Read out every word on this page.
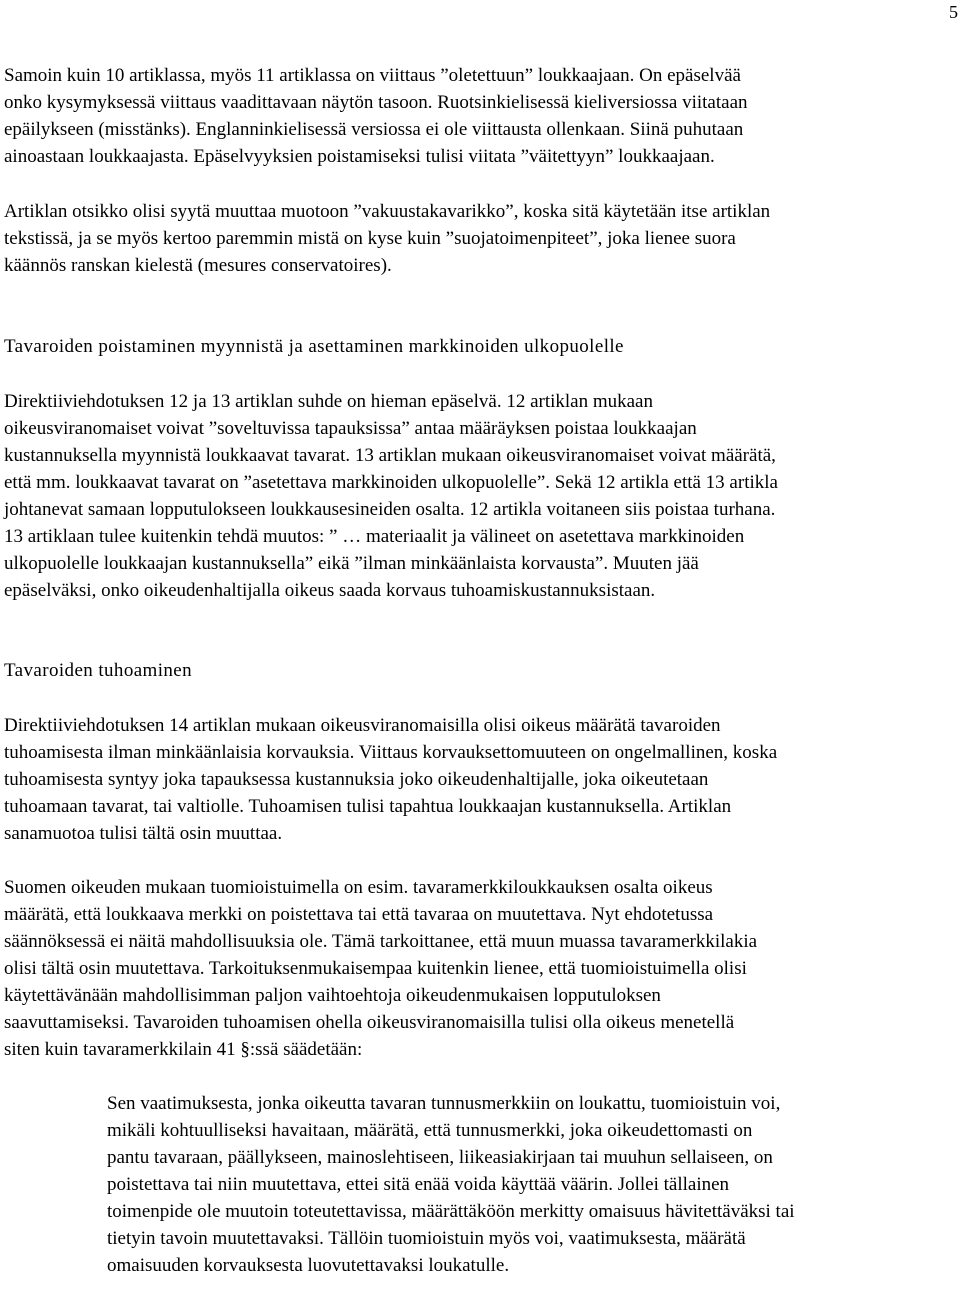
5

Samoin kuin 10 artiklassa, myös 11 artiklassa on viittaus ”oletettuun” loukkaajaan. On epäselvää
onko kysymyksessä viittaus vaadittavaan näytön tasoon. Ruotsinkielisessä kieliversiossa viitataan
epäilykseen (misstänks). Englanninkielisessä versiossa ei ole viittausta ollenkaan. Siinä puhutaan
ainoastaan loukkaajasta. Epäselvyyksien poistamiseksi tulisi viitata ”väitettyyn” loukkaajaan.

Artiklan otsikko olisi syytä muuttaa muotoon ”vakuustakavarikko”, koska sitä käytetään itse artiklan
tekstissä, ja se myös kertoo paremmin mistä on kyse kuin ”suojatoimenpiteet”, joka lienee suora
käännös ranskan kielestä (mesures conservatoires).

Tavaroiden poistaminen myynnistä ja asettaminen markkinoiden ulkopuolelle

Direktiiviehdotuksen 12 ja 13 artiklan suhde on hieman epäselvä. 12 artiklan mukaan
oikeusviranomaiset voivat ”soveltuvissa tapauksissa” antaa määräyksen poistaa loukkaajan
kustannuksella myynnistä loukkaavat tavarat. 13 artiklan mukaan oikeusviranomaiset voivat määrätä,
että mm. loukkaavat tavarat on ”asetettava markkinoiden ulkopuolelle”. Sekä 12 artikla että 13 artikla
johtanevat samaan lopputulokseen loukkausesineiden osalta. 12 artikla voitaneen siis poistaa turhana.
13 artiklaan tulee kuitenkin tehdä muutos: ” … materiaalit ja välineet on asetettava markkinoiden
ulkopuolelle loukkaajan kustannuksella” eikä ”ilman minkäänlaista korvausta”. Muuten jää
epäselväksi, onko oikeudenhaltijalla oikeus saada korvaus tuhoamiskustannuksistaan.

Tavaroiden tuhoaminen

Direktiiviehdotuksen 14 artiklan mukaan oikeusviranomaisilla olisi oikeus määrätä tavaroiden
tuhoamisesta ilman minkäänlaisia korvauksia. Viittaus korvauksettomuuteen on ongelmallinen, koska
tuhoamisesta syntyy joka tapauksessa kustannuksia joko oikeudenhaltijalle, joka oikeutetaan
tuhoamaan tavarat, tai valtiolle. Tuhoamisen tulisi tapahtua loukkaajan kustannuksella. Artiklan
sanamuotoa tulisi tältä osin muuttaa.

Suomen oikeuden mukaan tuomioistuimella on esim. tavaramerkkiloukkauksen osalta oikeus
määrätä, että loukkaava merkki on poistettava tai että tavaraa on muutettava. Nyt ehdotetussa
säännöksessä ei näitä mahdollisuuksia ole. Tämä tarkoittanee, että muun muassa tavaramerkkilakia
olisi tältä osin muutettava. Tarkoituksenmukaisempaa kuitenkin lienee, että tuomioistuimella olisi
käytettävänään mahdollisimman paljon vaihtoehtoja oikeudenmukaisen lopputuloksen
saavuttamiseksi. Tavaroiden tuhoamisen ohella oikeusviranomaisilla tulisi olla oikeus menetellä
siten kuin tavaramerkkilain 41 §:ssä säädetään:

Sen vaatimuksesta, jonka oikeutta tavaran tunnusmerkkiin on loukattu, tuomioistuin voi,
mikäli kohtuulliseksi havaitaan, määrätä, että tunnusmerkki, joka oikeudettomasti on
pantu tavaraan, päällykseen, mainoslehtiseen, liikeasiakirjaan tai muuhun sellaiseen, on
poistettava tai niin muutettava, ettei sitä enää voida käyttää väärin. Jollei tällainen
toimenpide ole muutoin toteutettavissa, määrättäköön merkitty omaisuus hävitettäväksi tai
tietyin tavoin muutettavaksi. Tällöin tuomioistuin myös voi, vaatimuksesta, määrätä
omaisuuden korvauksesta luovutettavaksi loukatulle.
